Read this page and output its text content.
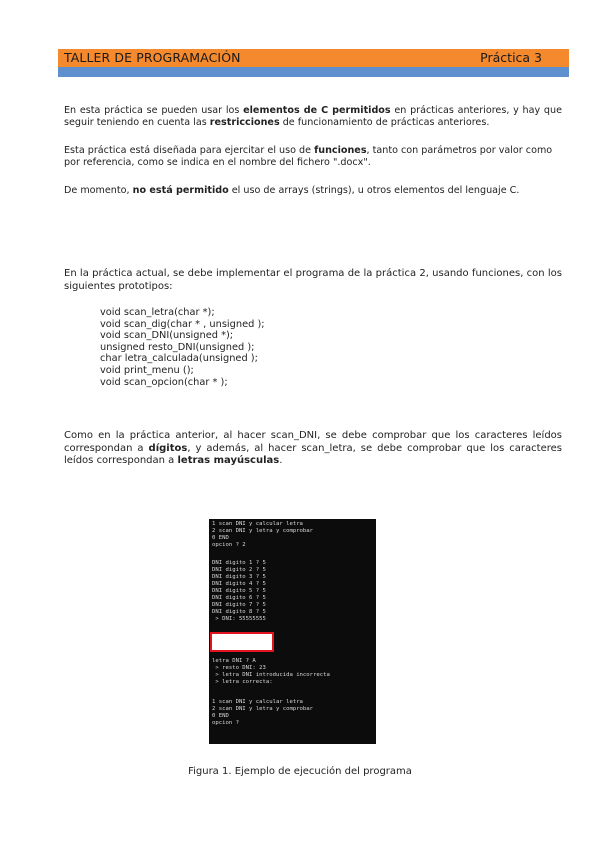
TALLER DE PROGRAMACIÓN	Práctica 3
En esta práctica se pueden usar los elementos de C permitidos en prácticas anteriores, y hay que seguir teniendo en cuenta las restricciones de funcionamiento de prácticas anteriores.
Esta práctica está diseñada para ejercitar el uso de funciones, tanto con parámetros por valor como por referencia, como se indica en el nombre del fichero ".docx".
De momento, no está permitido el uso de arrays (strings), u otros elementos del lenguaje C.
En la práctica actual, se debe implementar el programa de la práctica 2, usando funciones, con los siguientes prototipos:
void scan_letra(char *);
void scan_dig(char * , unsigned );
void scan_DNI(unsigned *);
unsigned resto_DNI(unsigned );
char letra_calculada(unsigned );
void print_menu ();
void scan_opcion(char * );
Como en la práctica anterior, al hacer scan_DNI, se debe comprobar que los caracteres leídos correspondan a dígitos, y además, al hacer scan_letra, se debe comprobar que los caracteres leídos correspondan a letras mayúsculas.
1 scan DNI y calcular letra
2 scan DNI y letra y comprobar
0 END
opcion ? 2
DNI digito 1 ? 5
DNI digito 2 ? 5
DNI digito 3 ? 5
DNI digito 4 ? 5
DNI digito 5 ? 5
DNI digito 6 ? 5
DNI digito 7 ? 5
DNI digito 8 ? 5
> DNI: 55555555
letra DNI ? A
> resto DNI: 23
> letra DNI introducida incorrecta
> letra correcta:
1 scan DNI y calcular letra
2 scan DNI y letra y comprobar
0 END
opcion ?
Figura 1. Ejemplo de ejecución del programa
